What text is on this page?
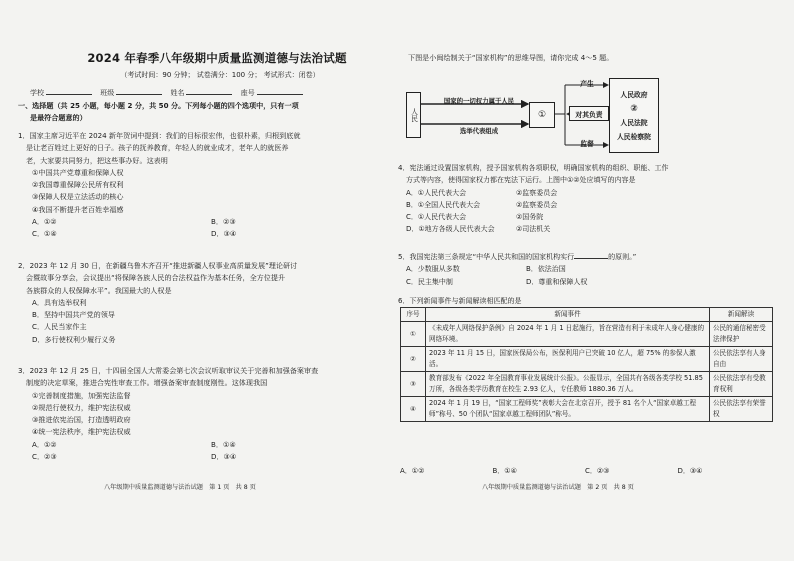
2024 年春季八年级期中质量监测道德与法治试题
（考试时间：90 分钟； 试卷满分：100 分； 考试形式：闭卷）
学校	班级	姓名	座号

一、选择题（共 25 小题，每小题 2 分，共 50 分。下列每小题的四个选项中，只有一项

是最符合题意的）

1．国家主席习近平在 2024 新年贺词中提到：我们的目标很宏伟，也很朴素，归根到底就

是让老百姓过上更好的日子。孩子的抚养教育，年轻人的就业成才，老年人的就医养

老，大家要共同努力，把这些事办好。这表明

①中国共产党尊重和保障人权

②我国尊重保障公民所有权利

③保障人权是立法活动的核心

④我国不断提升老百姓幸福感

A．①②	B．②③
C．①④	D．③④

2．2023 年 12 月 30 日，在新疆乌鲁木齐召开“推进新疆人权事业高质量发展”理论研讨

会暨故事分享会，会议提出“将保障各族人民的合法权益作为基本任务，全方位提升

各族群众的人权保障水平”。我国最大的人权是

A．具有选举权利

B．坚持中国共产党的领导

C．人民当家作主

D．多行使权利少履行义务

3．2023 年 12 月 25 日，十四届全国人大常委会第七次会议听取审议关于完善和加强备案审查

制度的决定草案，推进合宪性审查工作。增强备案审查制度刚性。这体现我国

①完善制度措施，加强宪法监督

②规范行使权力，维护宪法权威

③推进依宪治国，打造透明政府

④统一宪法秩序，维护宪法权威

A．①②	B．①④
C．②③	D．③④
八年级期中质量监测道德与法治试题　第 1 页　共 8 页
下图是小闽绘制关于“国家机构”的思维导图，请你完成 4～5 题。
人民
国家的一切权力属于人民
选举代表组成
①
产生
对其负责
监督
人民政府
②
人民法院
人民检察院

4．宪法通过设置国家机构，授予国家机构各项职权，明确国家机构的组织、职能、工作

方式等内容，使得国家权力都在宪法下运行。上图中①②处应填写的内容是

A．①人民代表大会	②监察委员会
B．①全国人民代表大会	②监察委员会
C．①人民代表大会	②国务院
D．①地方各级人民代表大会	②司法机关

5．我国宪法第三条规定“中华人民共和国的国家机构实行	的原则。”

A．少数服从多数	B．依法治国
C．民主集中制	D．尊重和保障人权
6．下列新闻事件与新闻解读相匹配的是
序号	新闻事件	新闻解读
①	《未成年人网络保护条例》自 2024 年 1 月 1 日起施行，旨在营造有利于未成年人身心健康的网络环境。	公民的通信秘密受法律保护
②	2023 年 11 月 15 日，国家医保局公布，医保利用户已突破 10 亿人，超 75% 的参保人激活。	公民依法享有人身自由
③	教育部发布《2022 年全国教育事业发展统计公报》。公报显示，全国共有各级各类学校 51.85 万所，各级各类学历教育在校生 2.93 亿人，专任教师 1880.36 万人。	公民依法享有受教育权利
④	2024 年 1 月 19 日，“国家工程师奖”表彰大会在北京召开，授予 81 名个人“国家卓越工程师”称号、50 个团队“国家卓越工程师团队”称号。	公民依法享有荣誉权
A．①②	B．①④	C．②③	D．③④
八年级期中质量监测道德与法治试题　第 2 页　共 8 页
